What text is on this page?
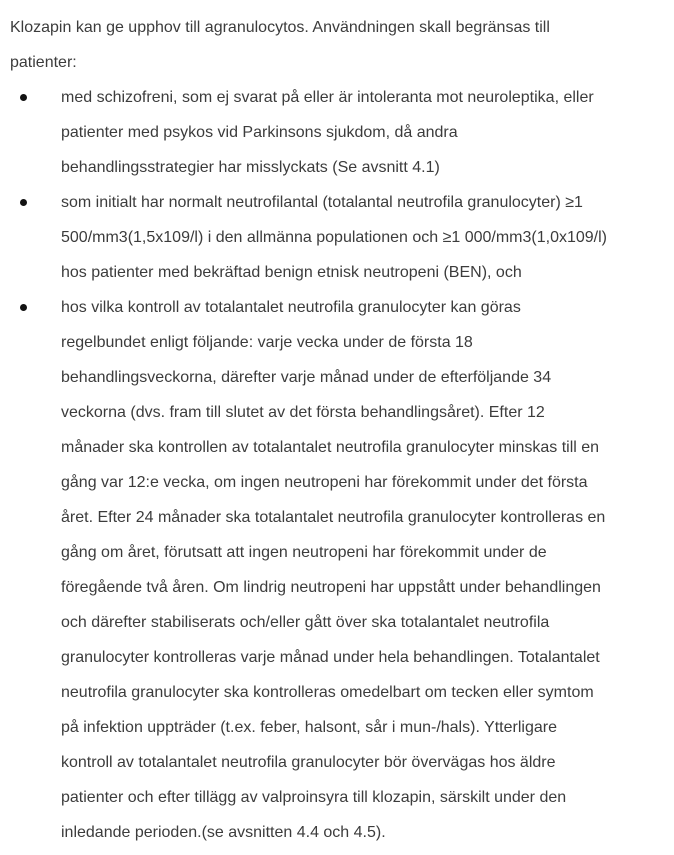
Klozapin kan ge upphov till agranulocytos. Användningen skall begränsas till
patienter:
med schizofreni, som ej svarat på eller är intoleranta mot neuroleptika, eller
patienter med psykos vid Parkinsons sjukdom, då andra
behandlingsstrategier har misslyckats (Se avsnitt 4.1)
som initialt har normalt neutrofilantal (totalantal neutrofila granulocyter) ≥1
500/mm3(1,5x109/l) i den allmänna populationen och ≥1 000/mm3(1,0x109/l)
hos patienter med bekräftad benign etnisk neutropeni (BEN), och
hos vilka kontroll av totalantalet neutrofila granulocyter kan göras
regelbundet enligt följande: varje vecka under de första 18
behandlingsveckorna, därefter varje månad under de efterföljande 34
veckorna (dvs. fram till slutet av det första behandlingsåret). Efter 12
månader ska kontrollen av totalantalet neutrofila granulocyter minskas till en
gång var 12:e vecka, om ingen neutropeni har förekommit under det första
året. Efter 24 månader ska totalantalet neutrofila granulocyter kontrolleras en
gång om året, förutsatt att ingen neutropeni har förekommit under de
föregående två åren. Om lindrig neutropeni har uppstått under behandlingen
och därefter stabiliserats och/eller gått över ska totalantalet neutrofila
granulocyter kontrolleras varje månad under hela behandlingen. Totalantalet
neutrofila granulocyter ska kontrolleras omedelbart om tecken eller symtom
på infektion uppträder (t.ex. feber, halsont, sår i mun-/hals). Ytterligare
kontroll av totalantalet neutrofila granulocyter bör övervägas hos äldre
patienter och efter tillägg av valproinsyra till klozapin, särskilt under den
inledande perioden.(se avsnitten 4.4 och 4.5).
